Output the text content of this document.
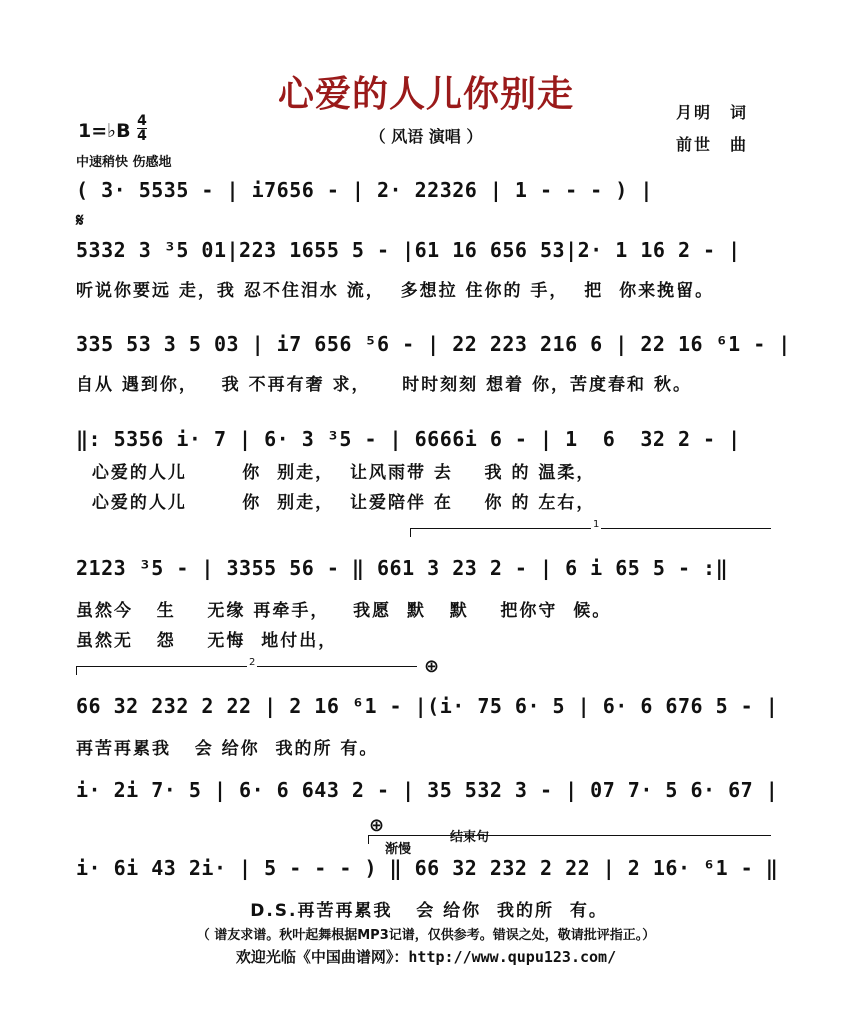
心爱的人儿你别走
（ 风语 演唱 ）
月明　词
前世　曲
1=♭B 4
4
中速稍快 伤感地
( 3· 5535 - | i7656 - | 2· 22326 | 1 - - - ) |
𝄋
5332 3 ³5 01|223 1655 5 - |61 16 656 53|2· 1 16 2 - |
听说你要远 走，我 忍不住泪水 流，  多想拉 住你的 手，  把  你来挽留。
335 53 3 5 03 | i7 656 ⁵6 - | 22 223 216 6 | 22 16 ⁶1 - |
自从 遇到你，   我 不再有奢 求，    时时刻刻 想着 你，苦度春和 秋。
‖: 5356 i· 7 | 6· 3 ³5 - | 6666i 6 - | 1  6  32 2 - |
心爱的人儿       你  别走，  让风雨带 去    我 的 温柔，
心爱的人儿       你  别走，  让爱陪伴 在    你 的 左右，
1
2123 ³5 - | 3355 56 - ‖ 661 3 23 2 - | 6 i 65 5 - :‖
虽然今   生    无缘 再牵手，   我愿  默   默    把你守  候。
虽然无   怨    无悔  地付出，
2	⊕
66 32 232 2 22 | 2 16 ⁶1 - |(i· 75 6· 5 | 6· 6 676 5 - |
再苦再累我   会 给你  我的所 有。
i· 2i 7· 5 | 6· 6 643 2 - | 35 532 3 - | 07 7· 5 6· 67 |
⊕
结束句
渐慢
i· 6i 43 2i· | 5 - - - ) ‖ 66 32 232 2 22 | 2 16· ⁶1 - ‖
D.S.再苦再累我   会 给你  我的所  有。
（ 谱友求谱。秋叶起舞根据MP3记谱，仅供参考。错误之处，敬请批评指正。）
欢迎光临《中国曲谱网》：http://www.qupu123.com/
